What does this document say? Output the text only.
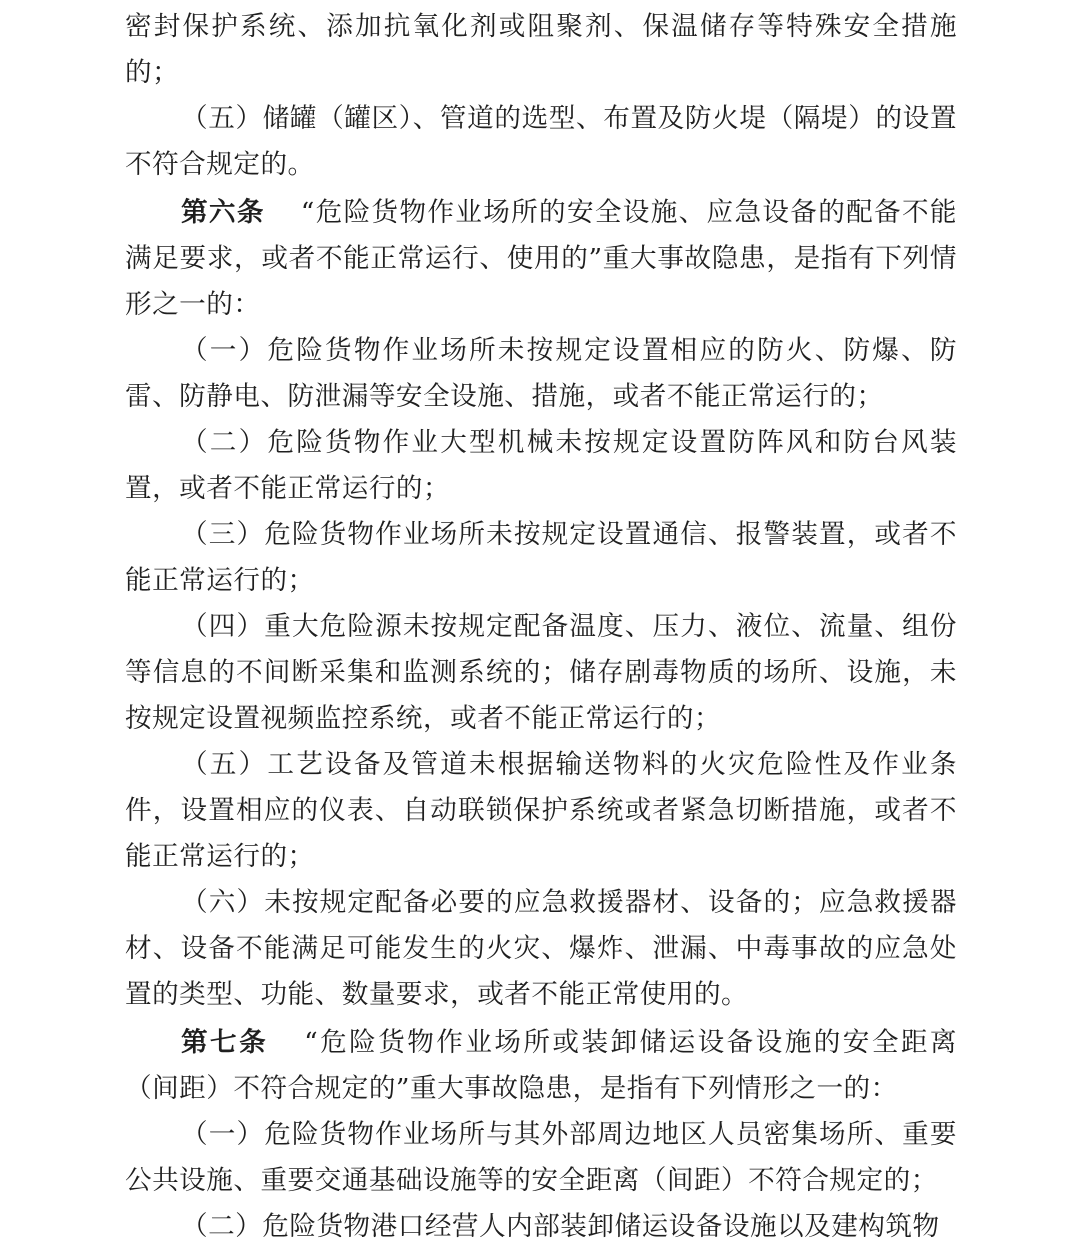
密封保护系统、添加抗氧化剂或阻聚剂、保温储存等特殊安全措施的；

（五）储罐（罐区）、管道的选型、布置及防火堤（隔堤）的设置不符合规定的。

第六条 “危险货物作业场所的安全设施、应急设备的配备不能满足要求，或者不能正常运行、使用的”重大事故隐患，是指有下列情形之一的：

（一）危险货物作业场所未按规定设置相应的防火、防爆、防雷、防静电、防泄漏等安全设施、措施，或者不能正常运行的；

（二）危险货物作业大型机械未按规定设置防阵风和防台风装置，或者不能正常运行的；

（三）危险货物作业场所未按规定设置通信、报警装置，或者不能正常运行的；

（四）重大危险源未按规定配备温度、压力、液位、流量、组份等信息的不间断采集和监测系统的；储存剧毒物质的场所、设施，未按规定设置视频监控系统，或者不能正常运行的；

（五）工艺设备及管道未根据输送物料的火灾危险性及作业条件，设置相应的仪表、自动联锁保护系统或者紧急切断措施，或者不能正常运行的；

（六）未按规定配备必要的应急救援器材、设备的；应急救援器材、设备不能满足可能发生的火灾、爆炸、泄漏、中毒事故的应急处置的类型、功能、数量要求，或者不能正常使用的。

第七条 “危险货物作业场所或装卸储运设备设施的安全距离（间距）不符合规定的”重大事故隐患，是指有下列情形之一的：

（一）危险货物作业场所与其外部周边地区人员密集场所、重要公共设施、重要交通基础设施等的安全距离（间距）不符合规定的；

（二）危险货物港口经营人内部装卸储运设备设施以及建构筑物
